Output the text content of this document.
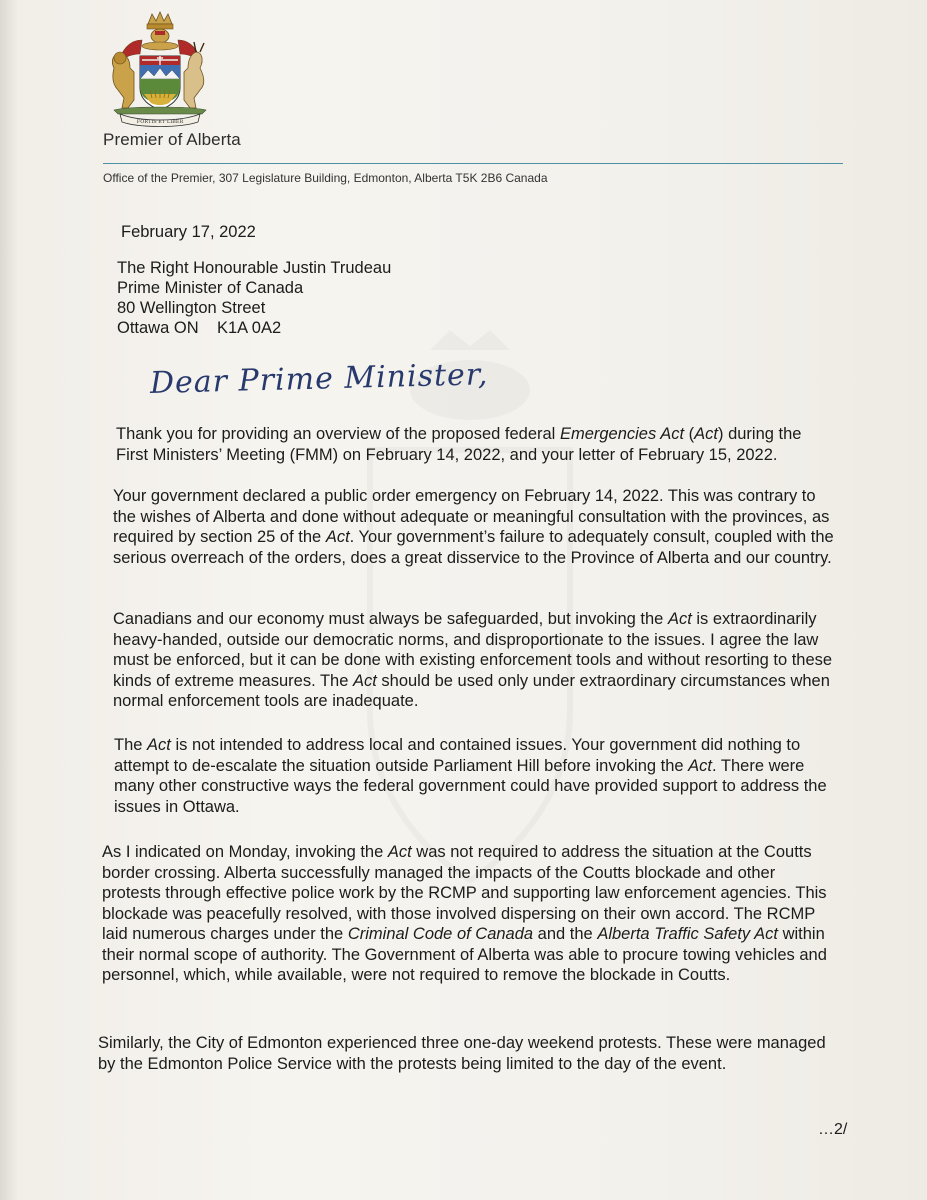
FORTIS ET LIBER
Premier of Alberta
Office of the Premier, 307 Legislature Building, Edmonton, Alberta T5K 2B6 Canada
February 17, 2022
The Right Honourable Justin Trudeau
Prime Minister of Canada
80 Wellington Street
Ottawa ON    K1A 0A2
Dear Prime Minister,

Thank you for providing an overview of the proposed federal Emergencies Act (Act) during the First Ministers’ Meeting (FMM) on February 14, 2022, and your letter of February 15, 2022.

Your government declared a public order emergency on February 14, 2022. This was contrary to the wishes of Alberta and done without adequate or meaningful consultation with the provinces, as required by section 25 of the Act. Your government’s failure to adequately consult, coupled with the serious overreach of the orders, does a great disservice to the Province of Alberta and our country.

Canadians and our economy must always be safeguarded, but invoking the Act is extraordinarily heavy-handed, outside our democratic norms, and disproportionate to the issues. I agree the law must be enforced, but it can be done with existing enforcement tools and without resorting to these kinds of extreme measures. The Act should be used only under extraordinary circumstances when normal enforcement tools are inadequate.

The Act is not intended to address local and contained issues. Your government did nothing to attempt to de-escalate the situation outside Parliament Hill before invoking the Act. There were many other constructive ways the federal government could have provided support to address the issues in Ottawa.

As I indicated on Monday, invoking the Act was not required to address the situation at the Coutts border crossing. Alberta successfully managed the impacts of the Coutts blockade and other protests through effective police work by the RCMP and supporting law enforcement agencies. This blockade was peacefully resolved, with those involved dispersing on their own accord. The RCMP laid numerous charges under the Criminal Code of Canada and the Alberta Traffic Safety Act within their normal scope of authority. The Government of Alberta was able to procure towing vehicles and personnel, which, while available, were not required to remove the blockade in Coutts.

Similarly, the City of Edmonton experienced three one-day weekend protests. These were managed by the Edmonton Police Service with the protests being limited to the day of the event.

…2/
